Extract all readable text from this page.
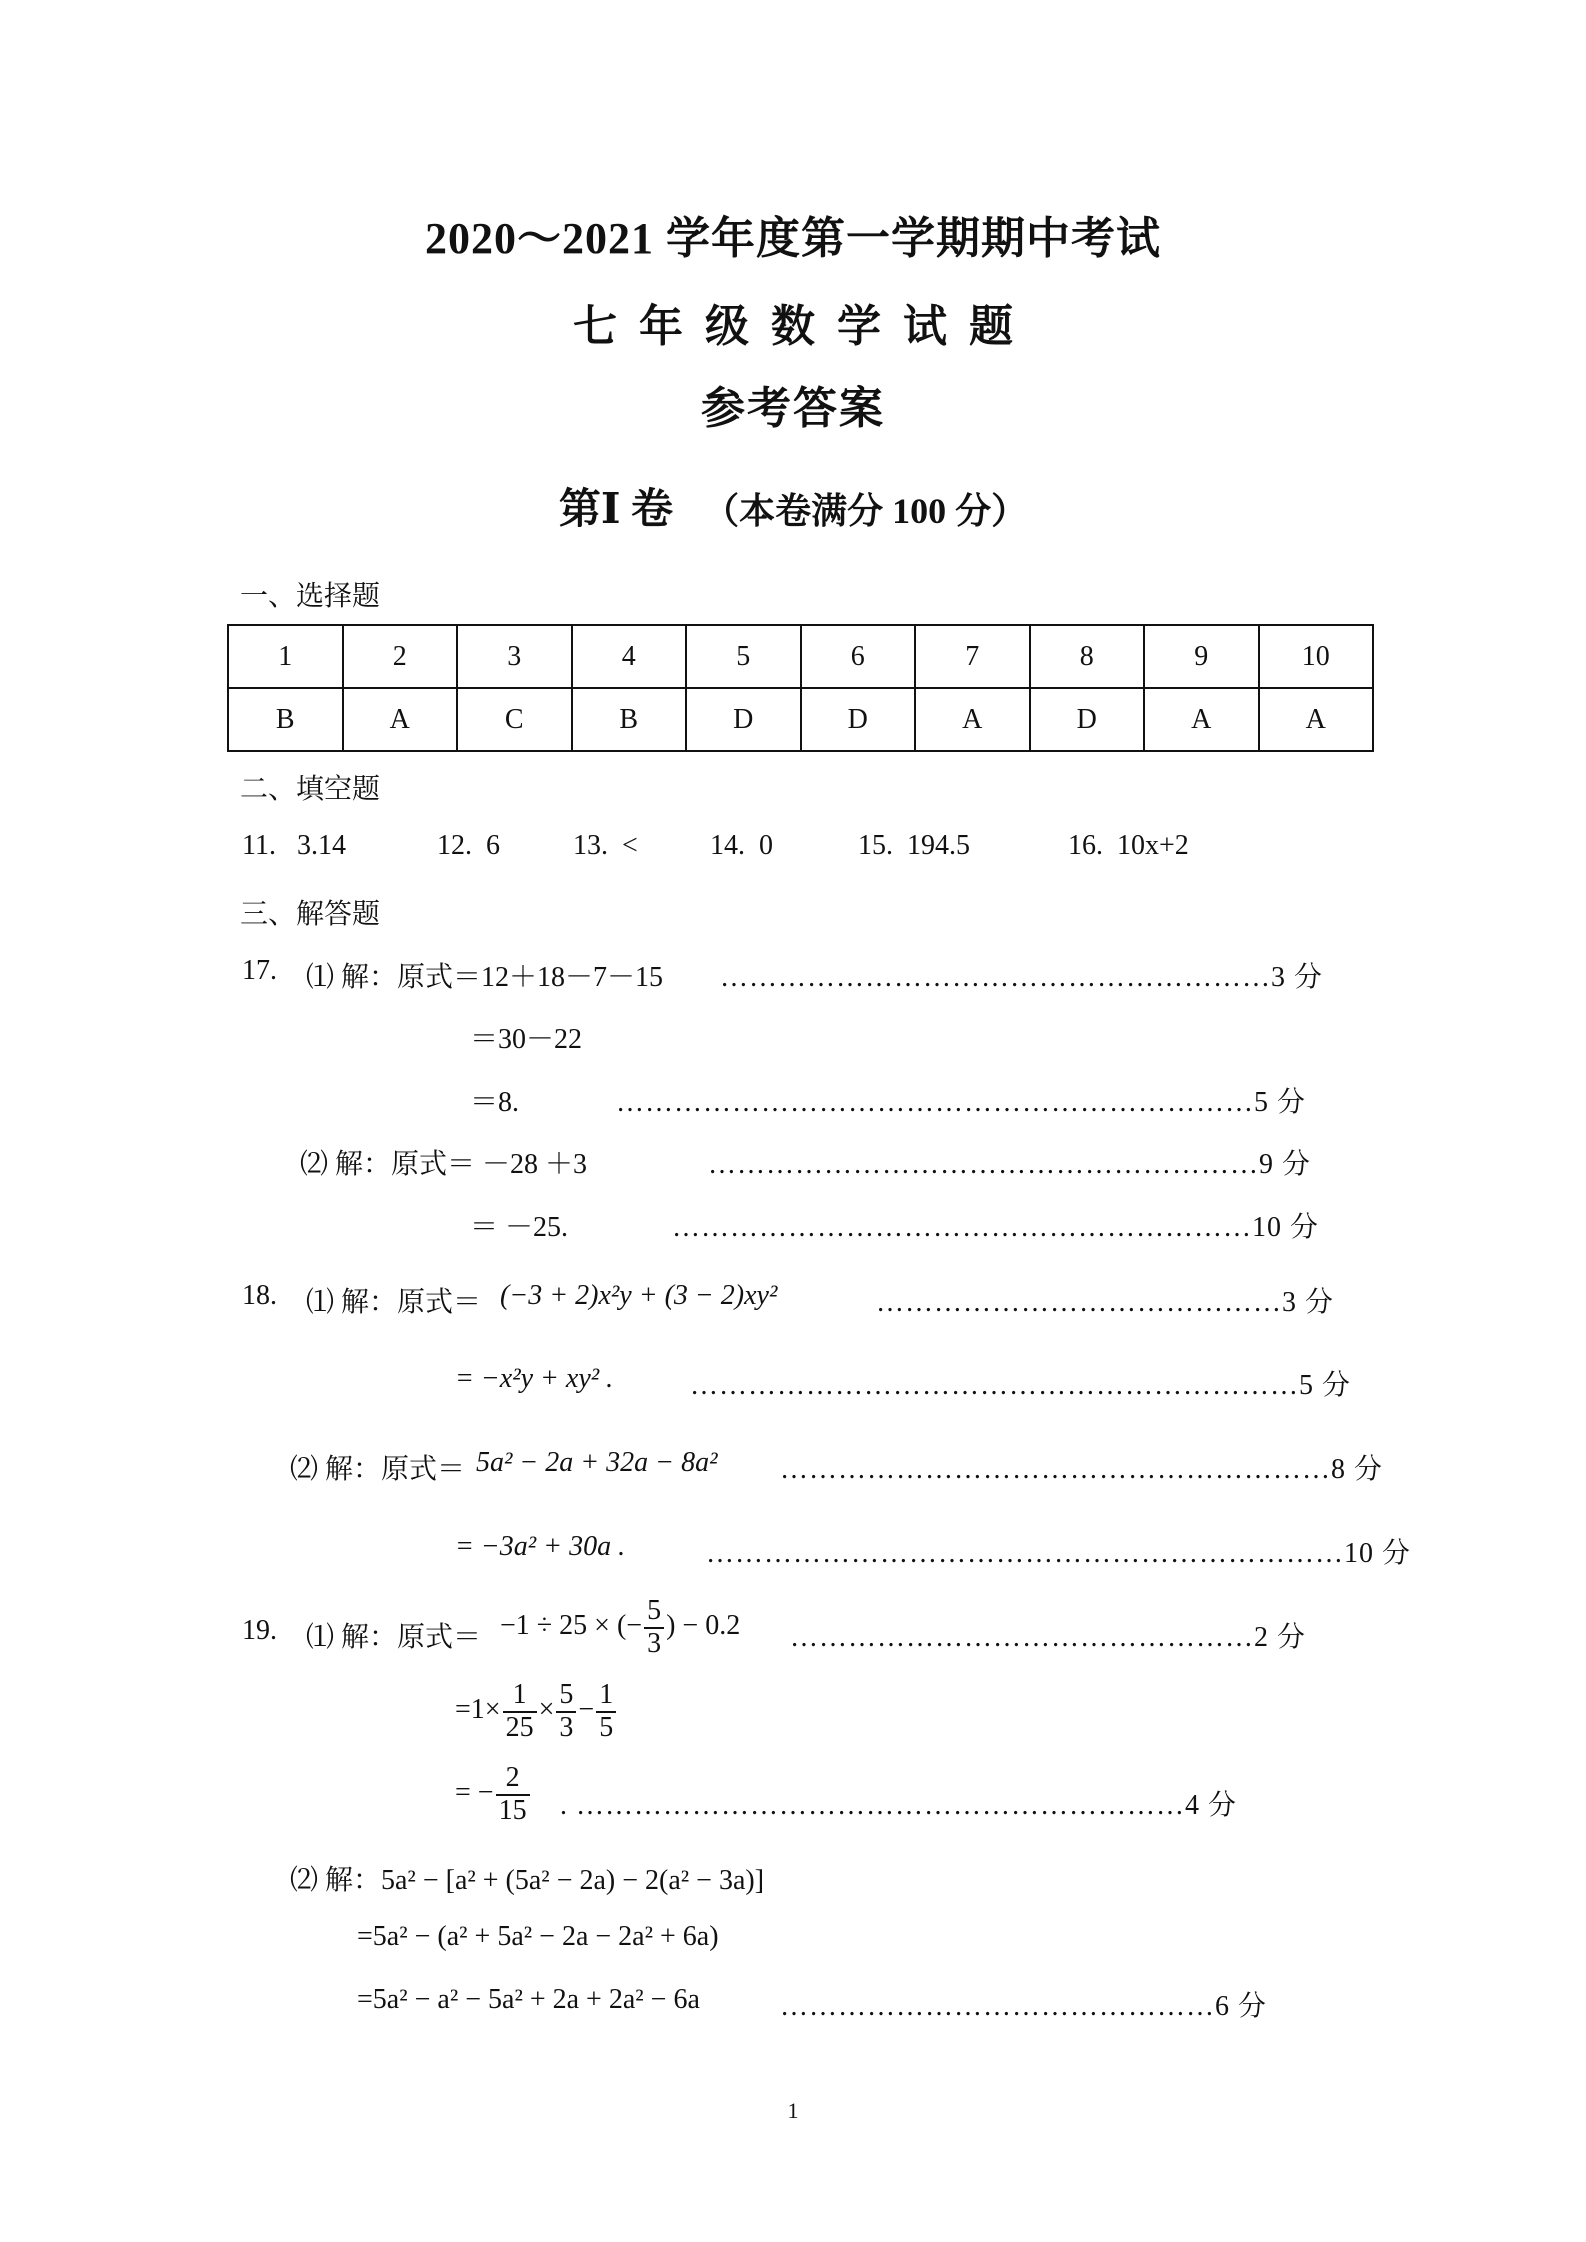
2020～2021 学年度第一学期期中考试
七年级数学试题
参考答案
第Ⅰ 卷 （本卷满分 100 分）
一、选择题
1	2	3	4	5	6	7	8	9	10
B	A	C	B	D	D	A	D	A	A
二、填空题
11. 3.14	12. 6	13. <	14. 0	15. 194.5	16. 10x+2
三、解答题
17. ⑴ 解：原式＝12＋18－7－15 …………………………………………………3 分
＝30－22
＝8.	…………………………………………………………5 分
⑵ 解：原式＝ －28 ＋3	…………………………………………………9 分
＝ －25.	……………………………………………………10 分
18. ⑴ 解：原式＝ (−3 + 2)x²y + (3 − 2)xy²	……………………………………3 分
= −x²y + xy² .	………………………………………………………5 分
⑵ 解：原式＝ 5a² − 2a + 32a − 8a² …………………………………………………8 分
= −3a² + 30a .	…………………………………………………………10 分
19. ⑴ 解：原式＝ −1 ÷ 25 × (− $\frac{5}{3}$ ) − 0.2 …………………………………………2 分
$=1\times \frac{1}{25} \times \frac{5}{3} - \frac{1}{5}$
= − $\frac{2}{15}$ . ………………………………………………………4 分
⑵ 解：5a² − [a² + (5a² − 2a) − 2(a² − 3a)]
=5a² − (a² + 5a² − 2a − 2a² + 6a)
=5a² − a² − 5a² + 2a + 2a² − 6a	………………………………………6 分
1
